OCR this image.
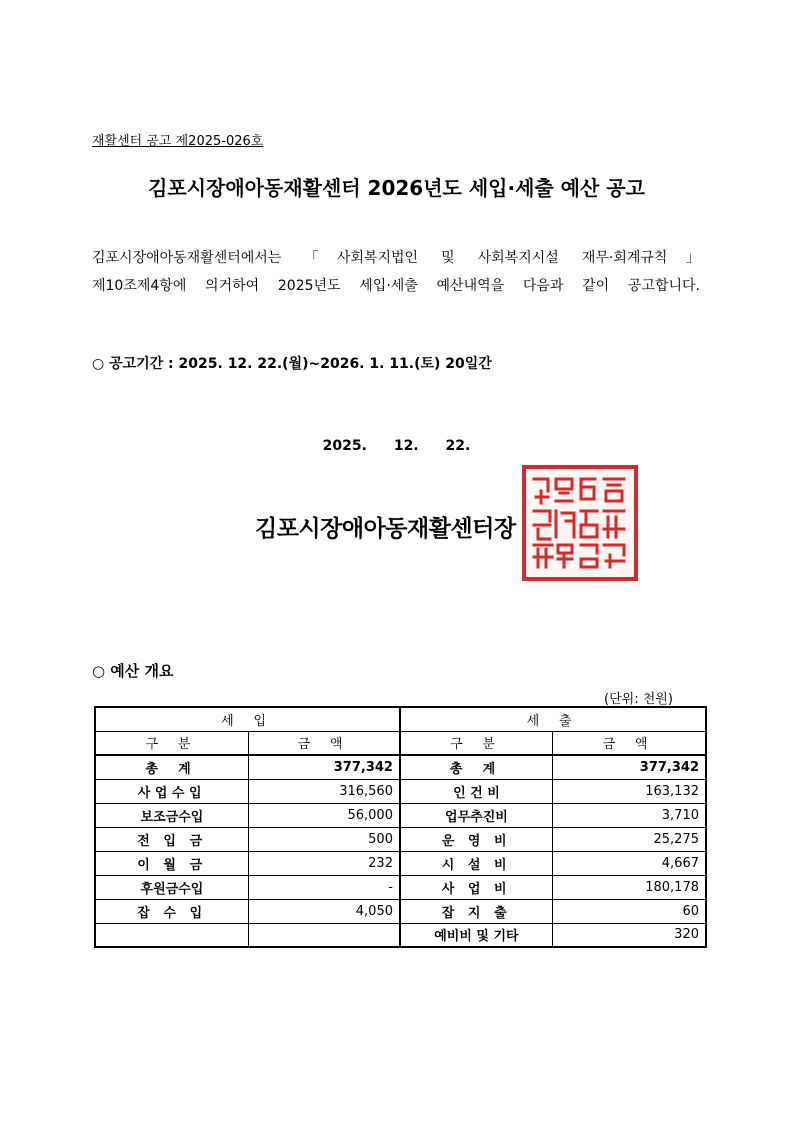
재활센터 공고 제2025-026호
김포시장애아동재활센터 2026년도 세입·세출 예산 공고
김포시장애아동재활센터에서는 「사회복지법인 및 사회복지시설 재무·회계규칙」
제10조제4항에 의거하여 2025년도 세입·세출 예산내역을 다음과 같이 공고합니다.
○ 공고기간 : 2025. 12. 22.(월)~2026. 1. 11.(토) 20일간
2025. 12. 22.
김포시장애아동재활센터장
○ 예산 개요
(단위: 천원)
세 입		세 출	
구 분	금 액	구 분	금 액
총 계	377,342	총 계	377,342
사업수입	316,560	인 건 비	163,132
보조금수입	56,000	업무추진비	3,710
전 입 금	500	운 영 비	25,275
이 월 금	232	시 설 비	4,667
후원금수입	-	사 업 비	180,178
잡 수 입	4,050	잡 지 출	60
		예비비 및 기타	320
